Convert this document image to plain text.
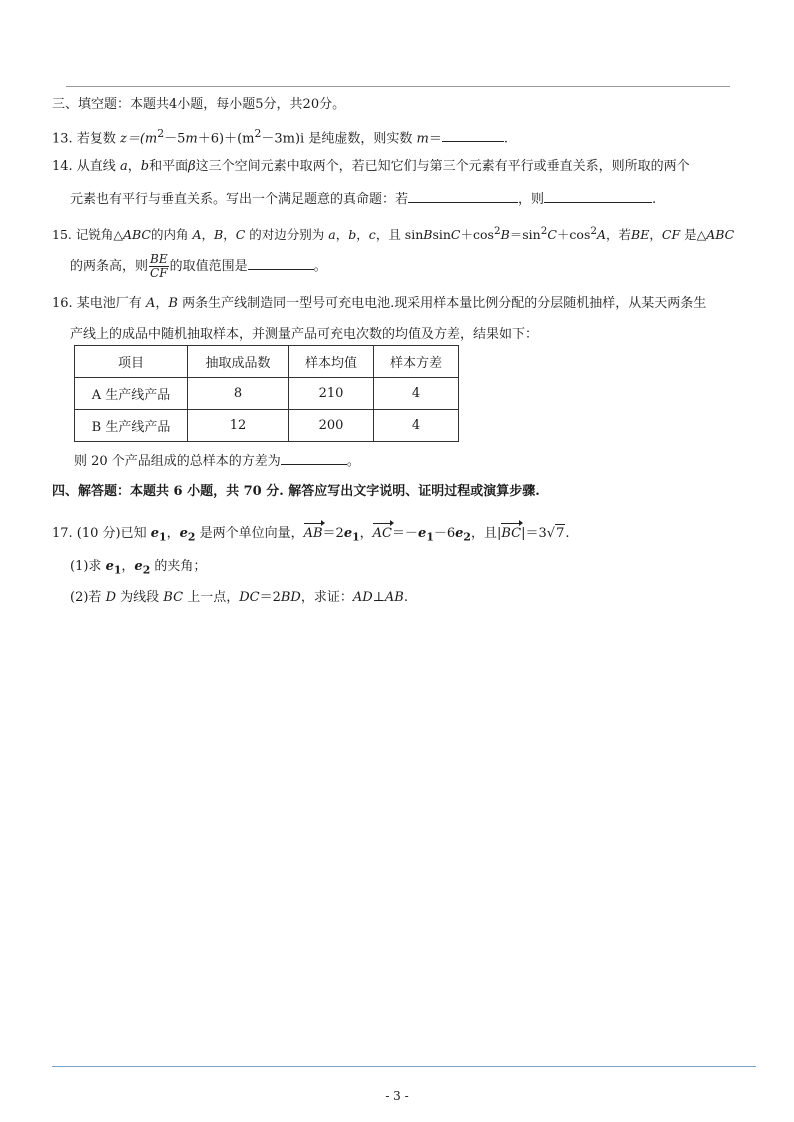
三、填空题：本题共4小题，每小题5分，共20分。
13. 若复数 $z=(m^2-5m+6)+(m^2-3m)i$ 是纯虚数，则实数 m＝	.
14. 从直线 a，b和平面β这三个空间元素中取两个，若已知它们与第三个元素有平行或垂直关系，则所取的两个
元素也有平行与垂直关系。写出一个满足题意的真命题：若	，则	.
15. 记锐角△ABC的内角 A，B，C 的对边分别为 a，b，c，且 $sinBsinC+\cos^2B=\sin^2C+\cos^2A$，若BE，CF 是△ABC
的两条高，则 $\frac{BE}{CF}$ 的取值范围是	。
16. 某电池厂有 A，B 两条生产线制造同一型号可充电电池.现采用样本量比例分配的分层随机抽样，从某天两条生
产线上的成品中随机抽取样本，并测量产品可充电次数的均值及方差，结果如下：
项目	抽取成品数	样本均值	样本方差
A 生产线产品	8	210	4
B 生产线产品	12	200	4
则 20 个产品组成的总样本的方差为	。
四、解答题：本题共 6 小题，共 70 分. 解答应写出文字说明、证明过程或演算步骤.
17. (10 分)已知 $e_1$，$e_2$ 是两个单位向量，$AB=2e_1$，$AC=-e_1-6e_2$，且|BC|＝3√7.
(1)求 $e_1$，$e_2$ 的夹角；
(2)若 D 为线段 BC 上一点，DC＝2BD，求证：AD⊥AB.
- 3 -
